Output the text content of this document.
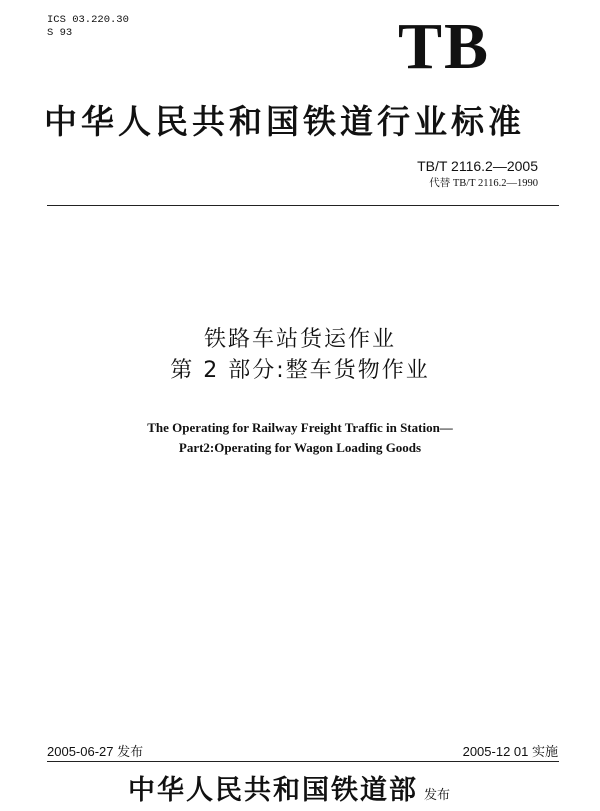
ICS 03.220.30
S 93	TB
中华人民共和国铁道行业标准
TB/T 2116.2—2005
代替 TB/T 2116.2—1990
铁路车站货运作业
第 2 部分:整车货物作业
The Operating for Railway Freight Traffic in Station—
Part2:Operating for Wagon Loading Goods
2005-06-27 发布	2005-12 01 实施
中华人民共和国铁道部 发布
